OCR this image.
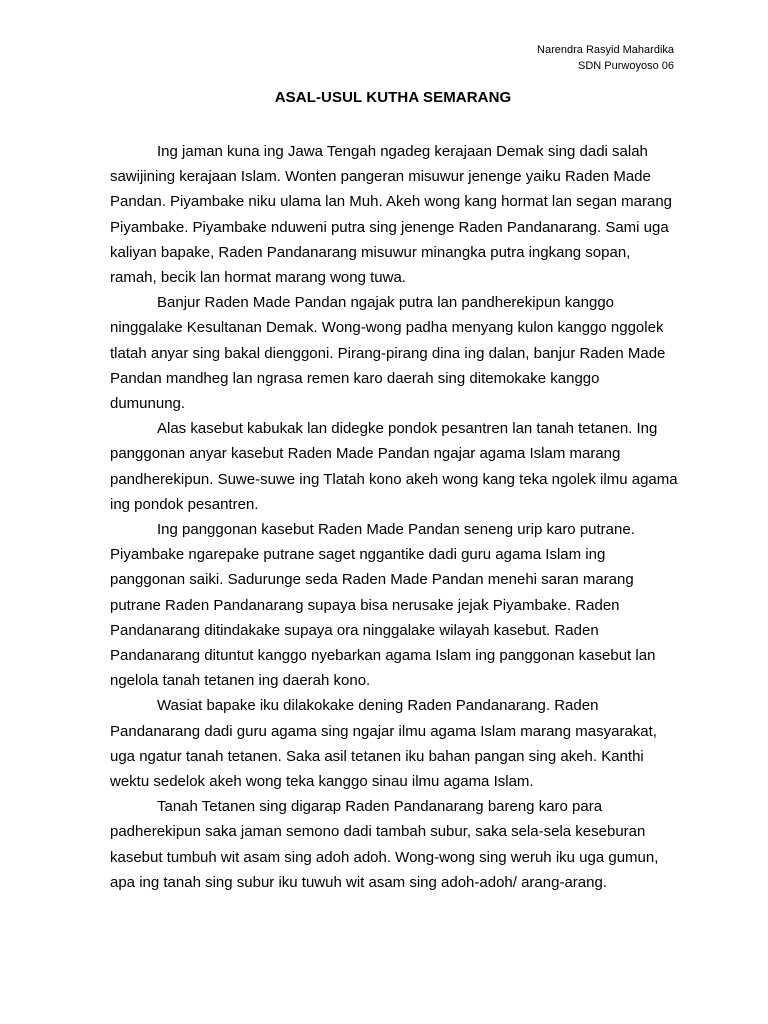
Narendra Rasyid Mahardika
SDN Purwoyoso 06
ASAL-USUL KUTHA SEMARANG

Ing jaman kuna ing Jawa Tengah ngadeg kerajaan Demak sing dadi salah sawijining kerajaan Islam. Wonten pangeran misuwur jenenge yaiku Raden Made Pandan. Piyambake niku ulama lan Muh. Akeh wong kang hormat lan segan marang Piyambake. Piyambake nduweni putra sing jenenge Raden Pandanarang. Sami uga kaliyan bapake, Raden Pandanarang misuwur minangka putra ingkang sopan, ramah, becik lan hormat marang wong tuwa.

Banjur Raden Made Pandan ngajak putra lan pandherekipun kanggo ninggalake Kesultanan Demak. Wong-wong padha menyang kulon kanggo nggolek tlatah anyar sing bakal dienggoni. Pirang-pirang dina ing dalan, banjur Raden Made Pandan mandheg lan ngrasa remen karo daerah sing ditemokake kanggo dumunung.

Alas kasebut kabukak lan didegke pondok pesantren lan tanah tetanen. Ing panggonan anyar kasebut Raden Made Pandan ngajar agama Islam marang pandherekipun. Suwe-suwe ing Tlatah kono akeh wong kang teka ngolek ilmu agama ing pondok pesantren.

Ing panggonan kasebut Raden Made Pandan seneng urip karo putrane. Piyambake ngarepake putrane saget nggantike dadi guru agama Islam ing panggonan saiki. Sadurunge seda Raden Made Pandan menehi saran marang putrane Raden Pandanarang supaya bisa nerusake jejak Piyambake. Raden Pandanarang ditindakake supaya ora ninggalake wilayah kasebut. Raden Pandanarang dituntut kanggo nyebarkan agama Islam ing panggonan kasebut lan ngelola tanah tetanen ing daerah kono.

Wasiat bapake iku dilakokake dening Raden Pandanarang. Raden Pandanarang dadi guru agama sing ngajar ilmu agama Islam marang masyarakat, uga ngatur tanah tetanen. Saka asil tetanen iku bahan pangan sing akeh. Kanthi wektu sedelok akeh wong teka kanggo sinau ilmu agama Islam.

Tanah Tetanen sing digarap Raden Pandanarang bareng karo para padherekipun saka jaman semono dadi tambah subur, saka sela-sela keseburan kasebut tumbuh wit asam sing adoh adoh. Wong-wong sing weruh iku uga gumun, apa ing tanah sing subur iku tuwuh wit asam sing adoh-adoh/ arang-arang.
